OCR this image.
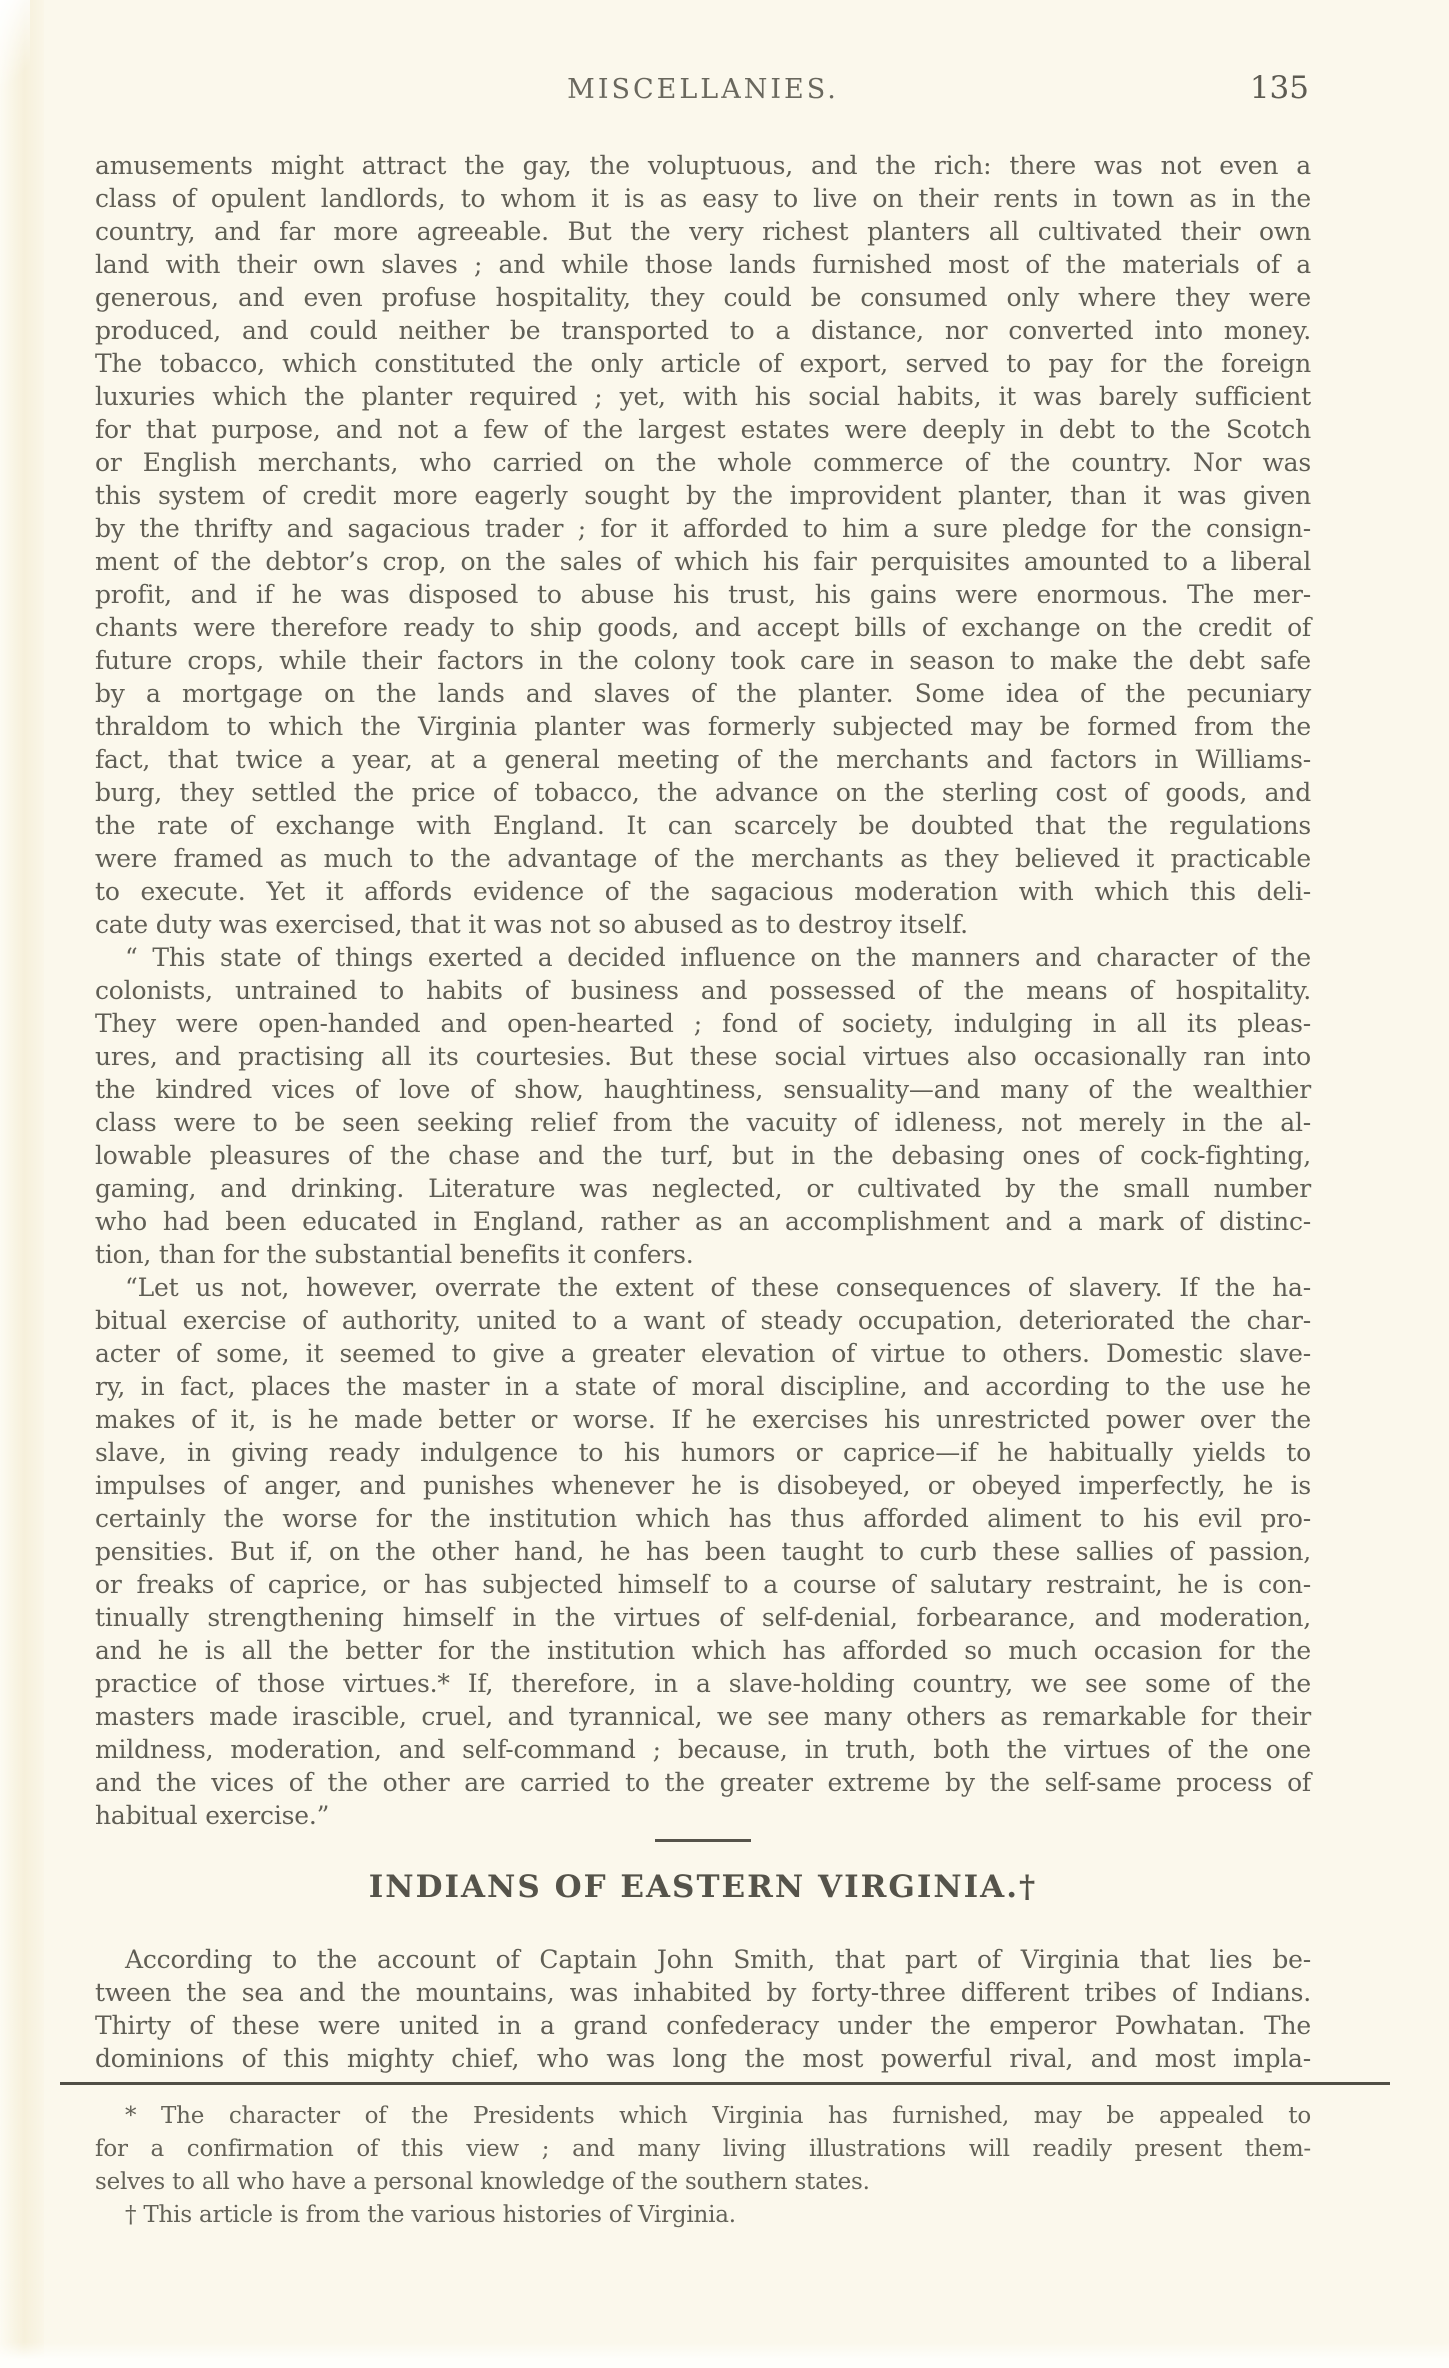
MISCELLANIES.	135
amusements might attract the gay, the voluptuous, and the rich: there was not even a
class of opulent landlords, to whom it is as easy to live on their rents in town as in the
country, and far more agreeable. But the very richest planters all cultivated their own
land with their own slaves ; and while those lands furnished most of the materials of a
generous, and even profuse hospitality, they could be consumed only where they were
produced, and could neither be transported to a distance, nor converted into money.
The tobacco, which constituted the only article of export, served to pay for the foreign
luxuries which the planter required ; yet, with his social habits, it was barely sufficient
for that purpose, and not a few of the largest estates were deeply in debt to the Scotch
or English merchants, who carried on the whole commerce of the country. Nor was
this system of credit more eagerly sought by the improvident planter, than it was given
by the thrifty and sagacious trader ; for it afforded to him a sure pledge for the consign-
ment of the debtor’s crop, on the sales of which his fair perquisites amounted to a liberal
profit, and if he was disposed to abuse his trust, his gains were enormous. The mer-
chants were therefore ready to ship goods, and accept bills of exchange on the credit of
future crops, while their factors in the colony took care in season to make the debt safe
by a mortgage on the lands and slaves of the planter. Some idea of the pecuniary
thraldom to which the Virginia planter was formerly subjected may be formed from the
fact, that twice a year, at a general meeting of the merchants and factors in Williams-
burg, they settled the price of tobacco, the advance on the sterling cost of goods, and
the rate of exchange with England. It can scarcely be doubted that the regulations
were framed as much to the advantage of the merchants as they believed it practicable
to execute. Yet it affords evidence of the sagacious moderation with which this deli-
cate duty was exercised, that it was not so abused as to destroy itself.
“ This state of things exerted a decided influence on the manners and character of the
colonists, untrained to habits of business and possessed of the means of hospitality.
They were open-handed and open-hearted ; fond of society, indulging in all its pleas-
ures, and practising all its courtesies. But these social virtues also occasionally ran into
the kindred vices of love of show, haughtiness, sensuality—and many of the wealthier
class were to be seen seeking relief from the vacuity of idleness, not merely in the al-
lowable pleasures of the chase and the turf, but in the debasing ones of cock-fighting,
gaming, and drinking. Literature was neglected, or cultivated by the small number
who had been educated in England, rather as an accomplishment and a mark of distinc-
tion, than for the substantial benefits it confers.
“Let us not, however, overrate the extent of these consequences of slavery. If the ha-
bitual exercise of authority, united to a want of steady occupation, deteriorated the char-
acter of some, it seemed to give a greater elevation of virtue to others. Domestic slave-
ry, in fact, places the master in a state of moral discipline, and according to the use he
makes of it, is he made better or worse. If he exercises his unrestricted power over the
slave, in giving ready indulgence to his humors or caprice—if he habitually yields to
impulses of anger, and punishes whenever he is disobeyed, or obeyed imperfectly, he is
certainly the worse for the institution which has thus afforded aliment to his evil pro-
pensities. But if, on the other hand, he has been taught to curb these sallies of passion,
or freaks of caprice, or has subjected himself to a course of salutary restraint, he is con-
tinually strengthening himself in the virtues of self-denial, forbearance, and moderation,
and he is all the better for the institution which has afforded so much occasion for the
practice of those virtues.* If, therefore, in a slave-holding country, we see some of the
masters made irascible, cruel, and tyrannical, we see many others as remarkable for their
mildness, moderation, and self-command ; because, in truth, both the virtues of the one
and the vices of the other are carried to the greater extreme by the self-same process of
habitual exercise.”
INDIANS OF EASTERN VIRGINIA.†
According to the account of Captain John Smith, that part of Virginia that lies be-
tween the sea and the mountains, was inhabited by forty-three different tribes of Indians.
Thirty of these were united in a grand confederacy under the emperor Powhatan. The
dominions of this mighty chief, who was long the most powerful rival, and most impla-
* The character of the Presidents which Virginia has furnished, may be appealed to
for a confirmation of this view ; and many living illustrations will readily present them-
selves to all who have a personal knowledge of the southern states.
† This article is from the various histories of Virginia.
